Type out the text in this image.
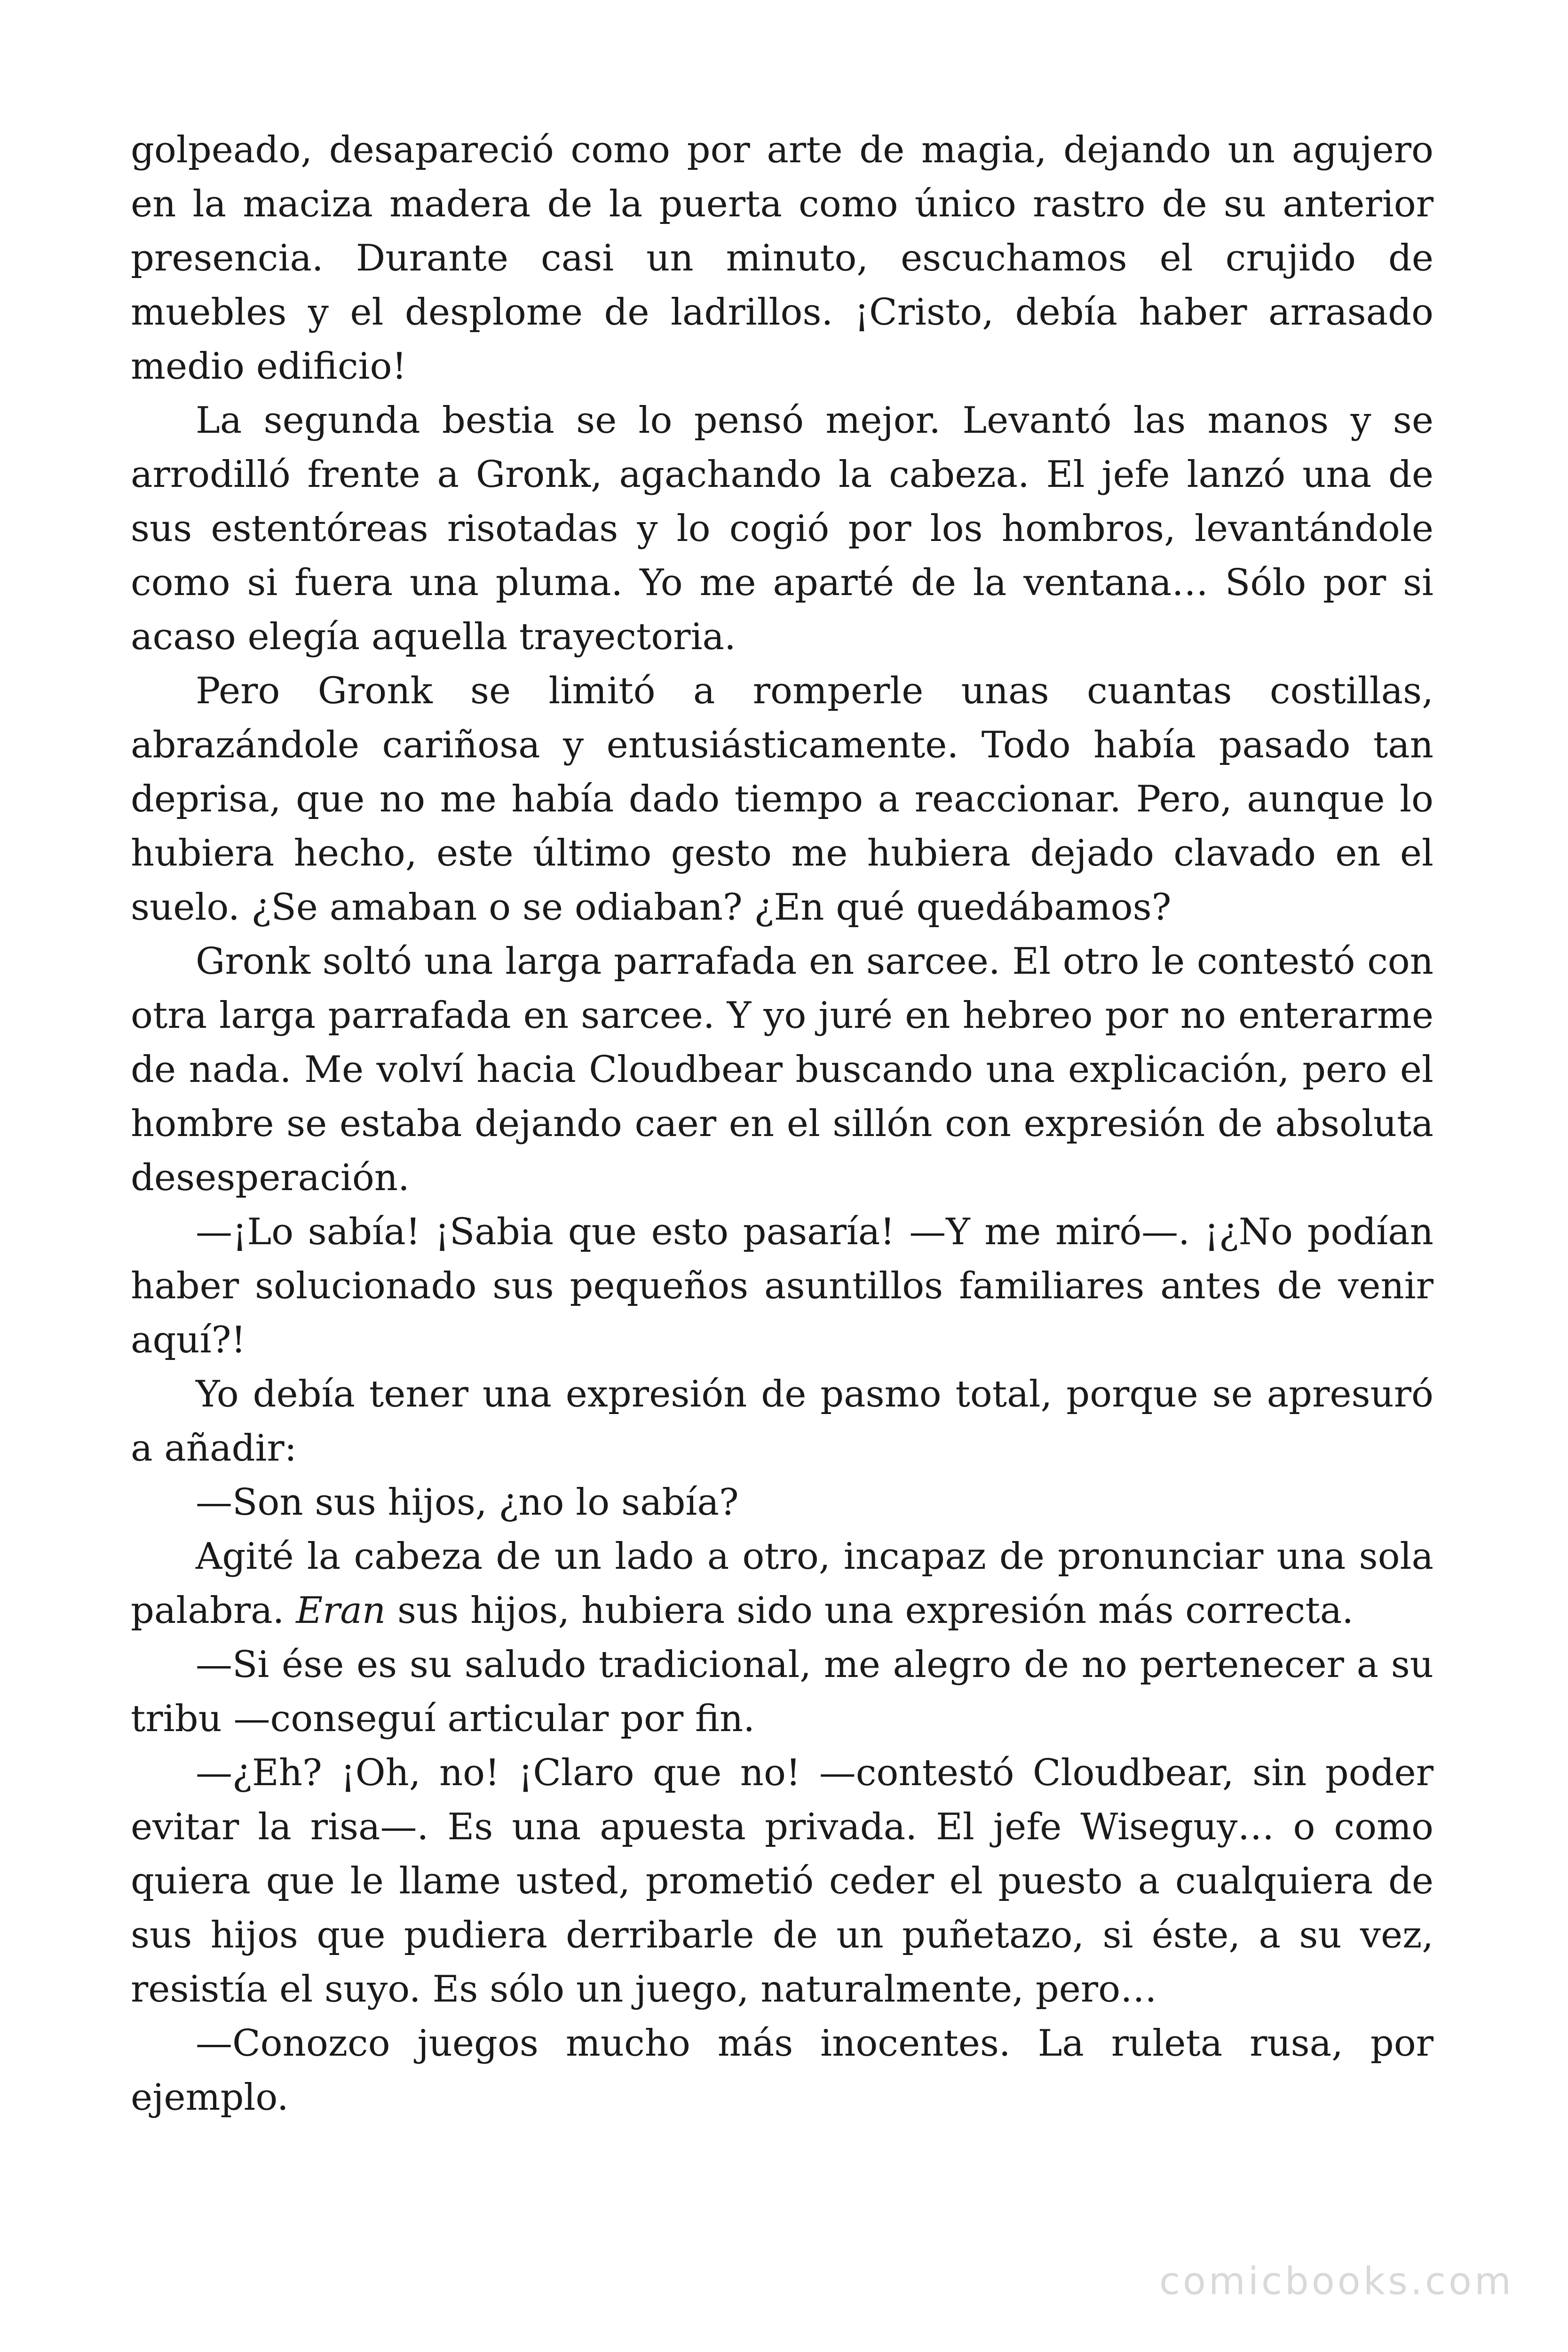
golpeado, desapareció como por arte de magia, dejando un agujero en la maciza madera de la puerta como único rastro de su anterior presencia. Durante casi un minuto, escuchamos el crujido de muebles y el desplome de ladrillos. ¡Cristo, debía haber arrasado medio edificio!

La segunda bestia se lo pensó mejor. Levantó las manos y se arrodilló frente a Gronk, agachando la cabeza. El jefe lanzó una de sus estentóreas risotadas y lo cogió por los hombros, levantándole como si fuera una pluma. Yo me aparté de la ventana… Sólo por si acaso elegía aquella trayectoria.

Pero Gronk se limitó a romperle unas cuantas costillas, abrazándole cariñosa y entusiásticamente. Todo había pasado tan deprisa, que no me había dado tiempo a reaccionar. Pero, aunque lo hubiera hecho, este último gesto me hubiera dejado clavado en el suelo. ¿Se amaban o se odiaban? ¿En qué quedábamos?

Gronk soltó una larga parrafada en sarcee. El otro le contestó con otra larga parrafada en sarcee. Y yo juré en hebreo por no enterarme de nada. Me volví hacia Cloudbear buscando una explicación, pero el hombre se estaba dejando caer en el sillón con expresión de absoluta desesperación.

—¡Lo sabía! ¡Sabia que esto pasaría! —Y me miró—. ¡¿No podían haber solucionado sus pequeños asuntillos familiares antes de venir aquí?!

Yo debía tener una expresión de pasmo total, porque se apresuró a añadir:

—Son sus hijos, ¿no lo sabía?

Agité la cabeza de un lado a otro, incapaz de pronunciar una sola palabra. Eran sus hijos, hubiera sido una expresión más correcta.

—Si ése es su saludo tradicional, me alegro de no pertenecer a su tribu —conseguí articular por fin.

—¿Eh? ¡Oh, no! ¡Claro que no! —contestó Cloudbear, sin poder evitar la risa—. Es una apuesta privada. El jefe Wiseguy… o como quiera que le llame usted, prometió ceder el puesto a cualquiera de sus hijos que pudiera derribarle de un puñetazo, si éste, a su vez, resistía el suyo. Es sólo un juego, naturalmente, pero…

—Conozco juegos mucho más inocentes. La ruleta rusa, por ejemplo.

comicbooks.com
